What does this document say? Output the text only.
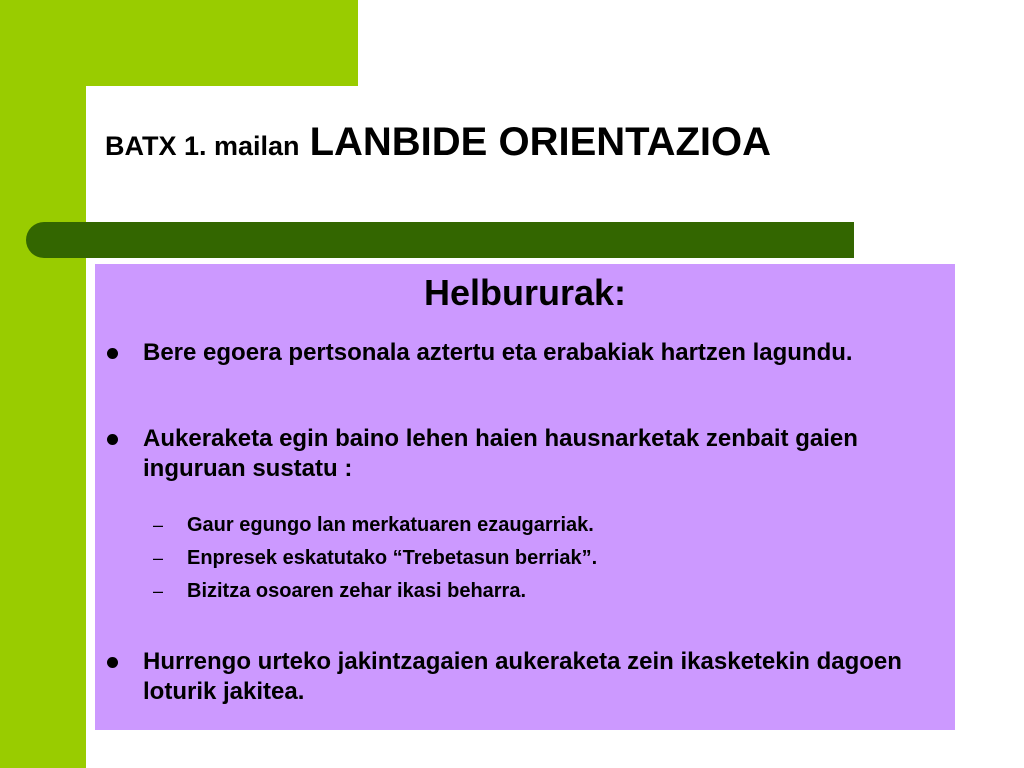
BATX 1. mailan LANBIDE ORIENTAZIOA
Helbururak:
Bere egoera pertsonala aztertu eta erabakiak hartzen lagundu.
Aukeraketa egin baino lehen haien hausnarketak zenbait gaien inguruan sustatu :
– Gaur egungo lan merkatuaren ezaugarriak.
– Enpresek eskatutako “Trebetasun berriak”.
– Bizitza osoaren zehar ikasi beharra.
Hurrengo urteko jakintzagaien aukeraketa zein ikasketekin dagoen loturik jakitea.
